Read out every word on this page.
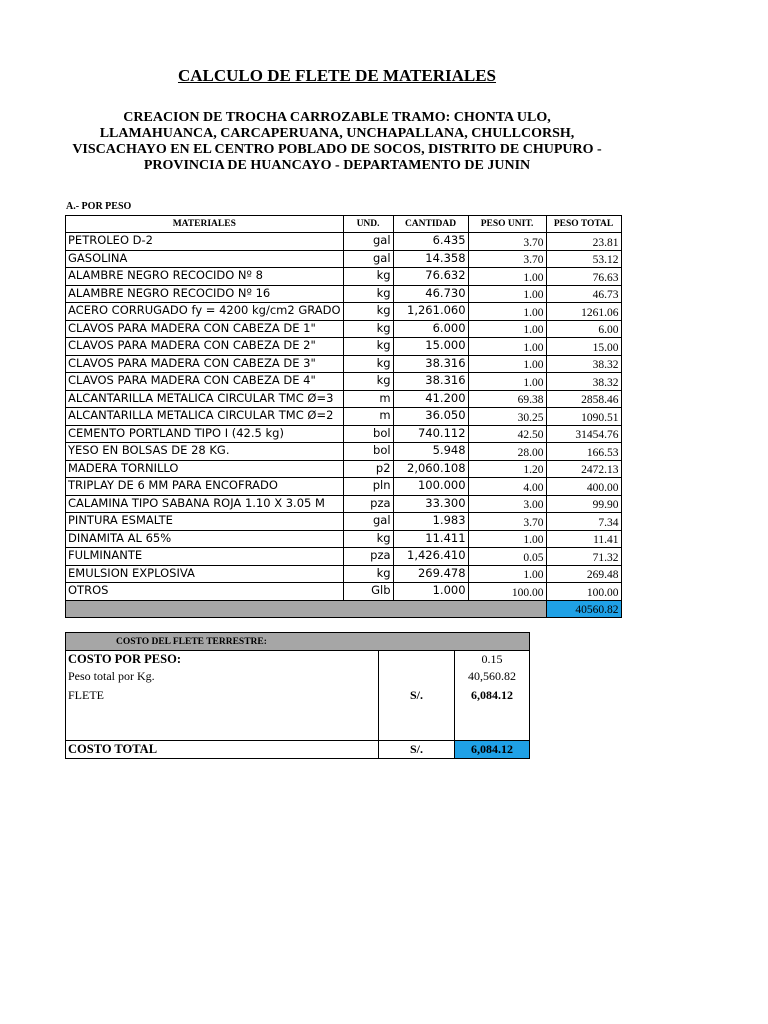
CALCULO DE FLETE DE MATERIALES
CREACION DE TROCHA CARROZABLE TRAMO: CHONTA ULO,
LLAMAHUANCA, CARCAPERUANA, UNCHAPALLANA, CHULLCORSH,
VISCACHAYO EN EL CENTRO POBLADO DE SOCOS, DISTRITO DE CHUPURO -
PROVINCIA DE HUANCAYO - DEPARTAMENTO DE JUNIN
A.- POR PESO
MATERIALES	UND.	CANTIDAD	PESO UNIT.	PESO TOTAL
PETROLEO D-2	gal	6.435	3.70	23.81
GASOLINA	gal	14.358	3.70	53.12
ALAMBRE NEGRO RECOCIDO Nº 8	kg	76.632	1.00	76.63
ALAMBRE NEGRO RECOCIDO Nº 16	kg	46.730	1.00	46.73
ACERO CORRUGADO fy = 4200 kg/cm2 GRADO	kg	1,261.060	1.00	1261.06
CLAVOS PARA MADERA CON CABEZA DE 1"	kg	6.000	1.00	6.00
CLAVOS PARA MADERA CON CABEZA DE 2"	kg	15.000	1.00	15.00
CLAVOS PARA MADERA CON CABEZA DE 3"	kg	38.316	1.00	38.32
CLAVOS PARA MADERA CON CABEZA DE 4"	kg	38.316	1.00	38.32
ALCANTARILLA METALICA CIRCULAR TMC Ø=3	m	41.200	69.38	2858.46
ALCANTARILLA METALICA CIRCULAR TMC Ø=2	m	36.050	30.25	1090.51
CEMENTO PORTLAND TIPO I (42.5 kg)	bol	740.112	42.50	31454.76
YESO EN BOLSAS DE 28 KG.	bol	5.948	28.00	166.53
MADERA TORNILLO	p2	2,060.108	1.20	2472.13
TRIPLAY DE 6 MM PARA ENCOFRADO	pln	100.000	4.00	400.00
CALAMINA TIPO SABANA ROJA 1.10 X 3.05 M	pza	33.300	3.00	99.90
PINTURA ESMALTE	gal	1.983	3.70	7.34
DINAMITA AL 65%	kg	11.411	1.00	11.41
FULMINANTE	pza	1,426.410	0.05	71.32
EMULSION EXPLOSIVA	kg	269.478	1.00	269.48
OTROS	Glb	1.000	100.00	100.00
				40560.82
COSTO DEL FLETE TERRESTRE:		
COSTO POR PESO:		0.15
Peso total por Kg.		40,560.82
FLETE	S/.	6,084.12
COSTO TOTAL	S/.	6,084.12
